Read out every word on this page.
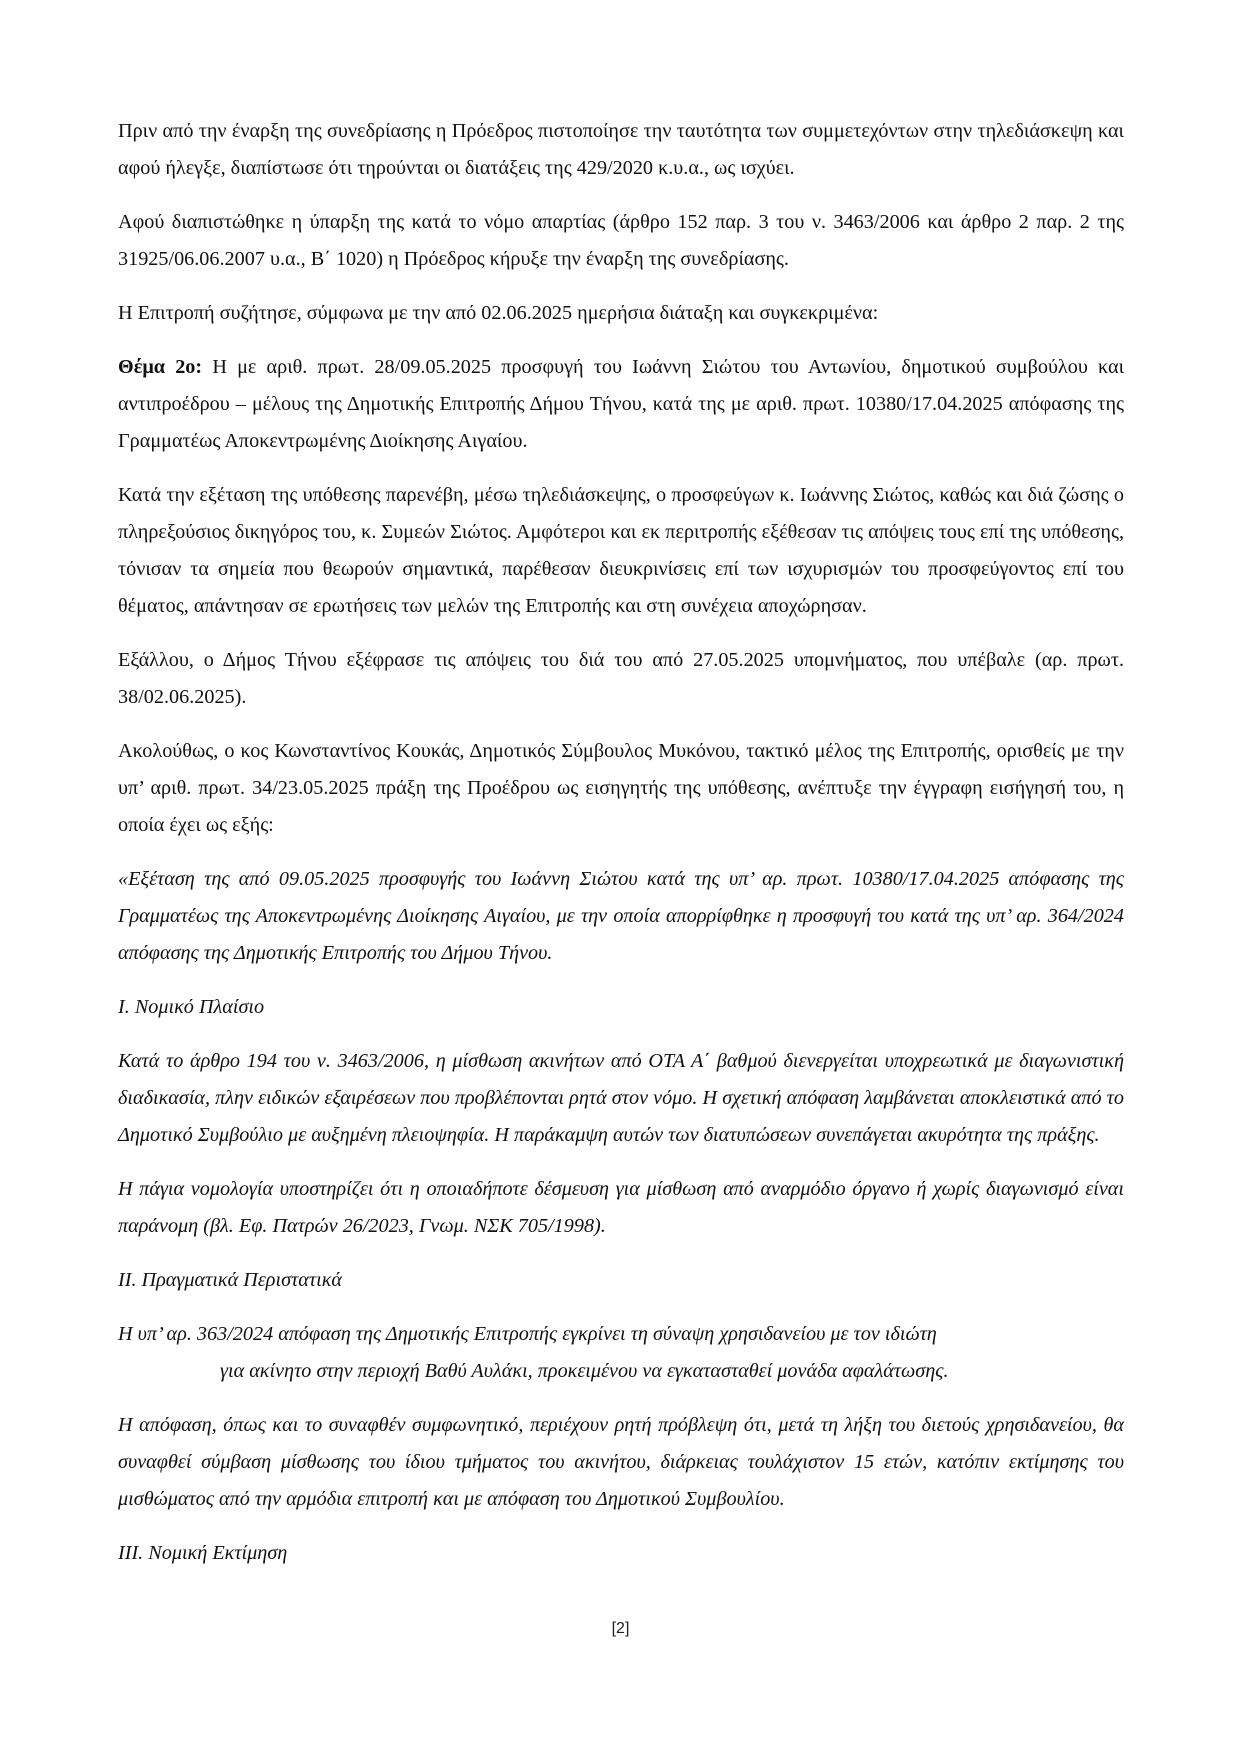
Πριν από την έναρξη της συνεδρίασης η Πρόεδρος πιστοποίησε την ταυτότητα των συμμετεχόντων στην τηλεδιάσκεψη και αφού ήλεγξε, διαπίστωσε ότι τηρούνται οι διατάξεις της 429/2020 κ.υ.α., ως ισχύει.

Αφού διαπιστώθηκε η ύπαρξη της κατά το νόμο απαρτίας (άρθρο 152 παρ. 3 του ν. 3463/2006 και άρθρο 2 παρ. 2 της 31925/06.06.2007 υ.α., Β΄ 1020) η Πρόεδρος κήρυξε την έναρξη της συνεδρίασης.

Η Επιτροπή συζήτησε, σύμφωνα με την από 02.06.2025 ημερήσια διάταξη και συγκεκριμένα:

Θέμα 2ο: Η με αριθ. πρωτ. 28/09.05.2025 προσφυγή του Ιωάννη Σιώτου του Αντωνίου, δημοτικού συμβούλου και αντιπροέδρου – μέλους της Δημοτικής Επιτροπής Δήμου Τήνου, κατά της με αριθ. πρωτ. 10380/17.04.2025 απόφασης της Γραμματέως Αποκεντρωμένης Διοίκησης Αιγαίου.

Κατά την εξέταση της υπόθεσης παρενέβη, μέσω τηλεδιάσκεψης, ο προσφεύγων κ. Ιωάννης Σιώτος, καθώς και διά ζώσης ο πληρεξούσιος δικηγόρος του, κ. Συμεών Σιώτος. Αμφότεροι και εκ περιτροπής εξέθεσαν τις απόψεις τους επί της υπόθεσης, τόνισαν τα σημεία που θεωρούν σημαντικά, παρέθεσαν διευκρινίσεις επί των ισχυρισμών του προσφεύγοντος επί του θέματος, απάντησαν σε ερωτήσεις των μελών της Επιτροπής και στη συνέχεια αποχώρησαν.

Εξάλλου, ο Δήμος Τήνου εξέφρασε τις απόψεις του διά του από 27.05.2025 υπομνήματος, που υπέβαλε (αρ. πρωτ. 38/02.06.2025).

Ακολούθως, ο κος Κωνσταντίνος Κουκάς, Δημοτικός Σύμβουλος Μυκόνου, τακτικό μέλος της Επιτροπής, ορισθείς με την υπ’ αριθ. πρωτ. 34/23.05.2025 πράξη της Προέδρου ως εισηγητής της υπόθεσης, ανέπτυξε την έγγραφη εισήγησή του, η οποία έχει ως εξής:

«Εξέταση της από 09.05.2025 προσφυγής του Ιωάννη Σιώτου κατά της υπ’ αρ. πρωτ. 10380/17.04.2025 απόφασης της Γραμματέως της Αποκεντρωμένης Διοίκησης Αιγαίου, με την οποία απορρίφθηκε η προσφυγή του κατά της υπ’ αρ. 364/2024 απόφασης της Δημοτικής Επιτροπής του Δήμου Τήνου.

Ι. Νομικό Πλαίσιο

Κατά το άρθρο 194 του ν. 3463/2006, η μίσθωση ακινήτων από ΟΤΑ Α΄ βαθμού διενεργείται υποχρεωτικά με διαγωνιστική διαδικασία, πλην ειδικών εξαιρέσεων που προβλέπονται ρητά στον νόμο. Η σχετική απόφαση λαμβάνεται αποκλειστικά από το Δημοτικό Συμβούλιο με αυξημένη πλειοψηφία. Η παράκαμψη αυτών των διατυπώσεων συνεπάγεται ακυρότητα της πράξης.

Η πάγια νομολογία υποστηρίζει ότι η οποιαδήποτε δέσμευση για μίσθωση από αναρμόδιο όργανο ή χωρίς διαγωνισμό είναι παράνομη (βλ. Εφ. Πατρών 26/2023, Γνωμ. ΝΣΚ 705/1998).

ΙΙ. Πραγματικά Περιστατικά

Η υπ’ αρ. 363/2024 απόφαση της Δημοτικής Επιτροπής εγκρίνει τη σύναψη χρησιδανείου με τον ιδιώτη
για ακίνητο στην περιοχή Βαθύ Αυλάκι, προκειμένου να εγκατασταθεί μονάδα αφαλάτωσης.

Η απόφαση, όπως και το συναφθέν συμφωνητικό, περιέχουν ρητή πρόβλεψη ότι, μετά τη λήξη του διετούς χρησιδανείου, θα συναφθεί σύμβαση μίσθωσης του ίδιου τμήματος του ακινήτου, διάρκειας τουλάχιστον 15 ετών, κατόπιν εκτίμησης του μισθώματος από την αρμόδια επιτροπή και με απόφαση του Δημοτικού Συμβουλίου.

ΙΙΙ. Νομική Εκτίμηση

[2]
